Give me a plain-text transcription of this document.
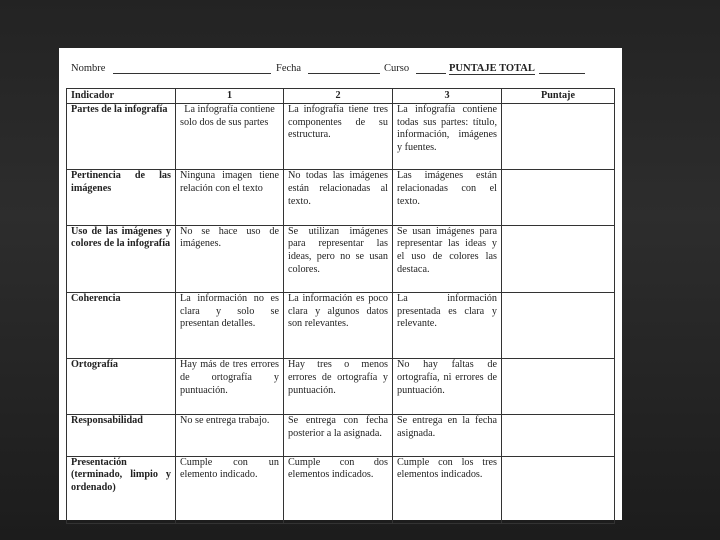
Nombre	Fecha	Curso	PUNTAJE TOTAL
Indicador	1	2	3	Puntaje
Partes de la infografía	La infografía contiene solo dos de sus partes	La infografía tiene tres componentes de su estructura.	La infografía contiene todas sus partes: título, información, imágenes y fuentes.	
Pertinencia de las imágenes	Ninguna imagen tiene relación con el texto	No todas las imágenes están relacionadas al texto.	Las imágenes están relacionadas con el texto.	
Uso de las imágenes y colores de la infografía	No se hace uso de imágenes.	Se utilizan imágenes para representar las ideas, pero no se usan colores.	Se usan imágenes para representar las ideas y el uso de colores las destaca.	
Coherencia	La información no es clara y solo se presentan detalles.	La información es poco clara y algunos datos son relevantes.	La información presentada es clara y relevante.	
Ortografía	Hay más de tres errores de ortografía y puntuación.	Hay tres o menos errores de ortografía y puntuación.	No hay faltas de ortografía, ni errores de puntuación.	
Responsabilidad	No se entrega trabajo.	Se entrega con fecha posterior a la asignada.	Se entrega en la fecha asignada.	
Presentación (terminado, limpio y ordenado)	Cumple con un elemento indicado.	Cumple con dos elementos indicados.	Cumple con los tres elementos indicados.	
